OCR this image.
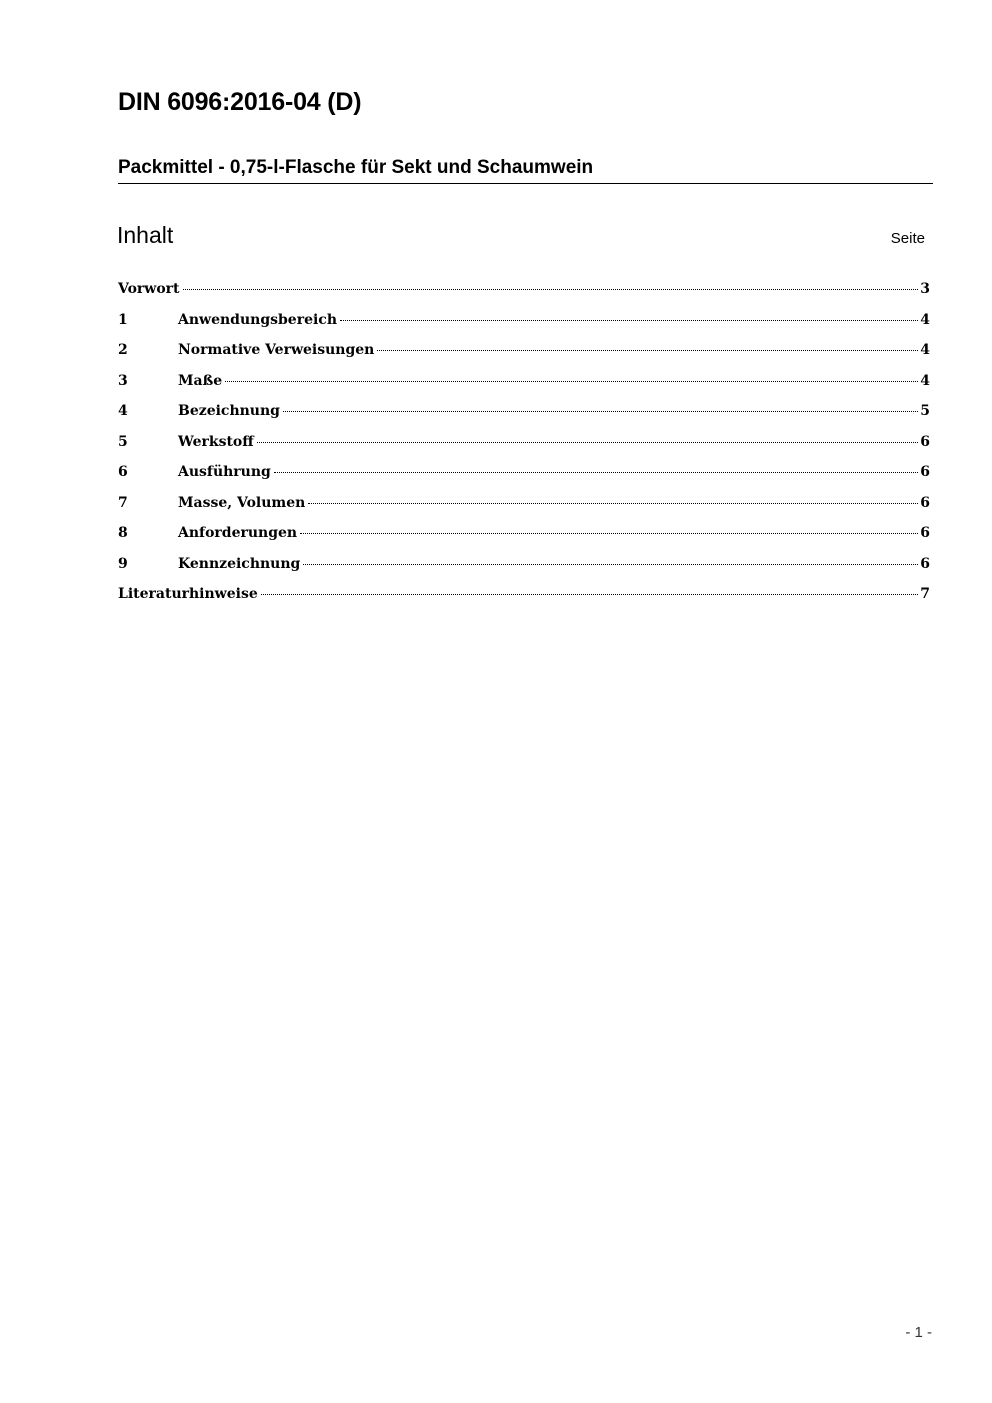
DIN 6096:2016-04 (D)
Packmittel - 0,75-l-Flasche für Sekt und Schaumwein
Inhalt	Seite
Vorwort	3
1	Anwendungsbereich	4
2	Normative Verweisungen	4
3	Maße	4
4	Bezeichnung	5
5	Werkstoff	6
6	Ausführung	6
7	Masse, Volumen	6
8	Anforderungen	6
9	Kennzeichnung	6
Literaturhinweise	7
- 1 -
